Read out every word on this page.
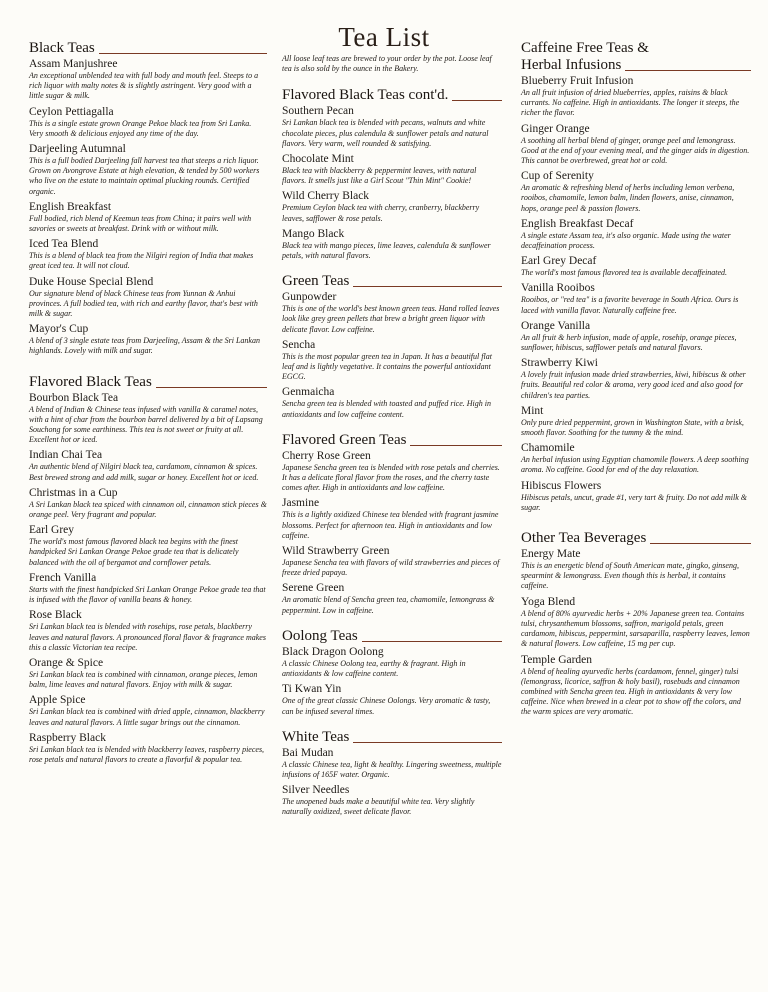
Tea List
Black Teas

Assam Manjushree

An exceptional unblended tea with full body and mouth feel. Steeps to a rich liquor with malty notes & is slightly astringent. Very good with a little sugar & milk.

Ceylon Pettiagalla

This is a single estate grown Orange Pekoe black tea from Sri Lanka. Very smooth & delicious enjoyed any time of the day.

Darjeeling Autumnal

This is a full bodied Darjeeling fall harvest tea that steeps a rich liquor. Grown on Avongrove Estate at high elevation, & tended by 500 workers who live on the estate to maintain optimal plucking rounds. Certified organic.

English Breakfast

Full bodied, rich blend of Keemun teas from China; it pairs well with savories or sweets at breakfast. Drink with or without milk.

Iced Tea Blend

This is a blend of black tea from the Nilgiri region of India that makes great iced tea. It will not cloud.

Duke House Special Blend

Our signature blend of black Chinese teas from Yunnan & Anhui provinces. A full bodied tea, with rich and earthy flavor, that's best with milk & sugar.

Mayor's Cup

A blend of 3 single estate teas from Darjeeling, Assam & the Sri Lankan highlands. Lovely with milk and sugar.

Flavored Black Teas

Bourbon Black Tea

A blend of Indian & Chinese teas infused with vanilla & caramel notes, with a hint of char from the bourbon barrel delivered by a bit of Lapsang Souchong for some earthiness. This tea is not sweet or fruity at all. Excellent hot or iced.

Indian Chai Tea

An authentic blend of Nilgiri black tea, cardamom, cinnamon & spices. Best brewed strong and add milk, sugar or honey. Excellent hot or iced.

Christmas in a Cup

A Sri Lankan black tea spiced with cinnamon oil, cinnamon stick pieces & orange peel. Very fragrant and popular.

Earl Grey

The world's most famous flavored black tea begins with the finest handpicked Sri Lankan Orange Pekoe grade tea that is delicately balanced with the oil of bergamot and cornflower petals.

French Vanilla

Starts with the finest handpicked Sri Lankan Orange Pekoe grade tea that is infused with the flavor of vanilla beans & honey.

Rose Black

Sri Lankan black tea is blended with rosehips, rose petals, blackberry leaves and natural flavors. A pronounced floral flavor & fragrance makes this a classic Victorian tea recipe.

Orange & Spice

Sri Lankan black tea is combined with cinnamon, orange pieces, lemon balm, lime leaves and natural flavors. Enjoy with milk & sugar.

Apple Spice

Sri Lankan black tea is combined with dried apple, cinnamon, blackberry leaves and natural flavors. A little sugar brings out the cinnamon.

Raspberry Black

Sri Lankan black tea is blended with blackberry leaves, raspberry pieces, rose petals and natural flavors to create a flavorful & popular tea.

All loose leaf teas are brewed to your order by the pot. Loose leaf tea is also sold by the ounce in the Bakery.

Flavored Black Teas cont'd.

Southern Pecan

Sri Lankan black tea is blended with pecans, walnuts and white chocolate pieces, plus calendula & sunflower petals and natural flavors. Very warm, well rounded & satisfying.

Chocolate Mint

Black tea with blackberry & peppermint leaves, with natural flavors. It smells just like a Girl Scout "Thin Mint" Cookie!

Wild Cherry Black

Premium Ceylon black tea with cherry, cranberry, blackberry leaves, safflower & rose petals.

Mango Black

Black tea with mango pieces, lime leaves, calendula & sunflower petals, with natural flavors.

Green Teas

Gunpowder

This is one of the world's best known green teas. Hand rolled leaves look like grey green pellets that brew a bright green liquor with delicate flavor. Low caffeine.

Sencha

This is the most popular green tea in Japan. It has a beautiful flat leaf and is lightly vegetative. It contains the powerful antioxidant EGCG.

Genmaicha

Sencha green tea is blended with toasted and puffed rice. High in antioxidants and low caffeine content.

Flavored Green Teas

Cherry Rose Green

Japanese Sencha green tea is blended with rose petals and cherries. It has a delicate floral flavor from the roses, and the cherry taste comes after. High in antioxidants and low caffeine.

Jasmine

This is a lightly oxidized Chinese tea blended with fragrant jasmine blossoms. Perfect for afternoon tea. High in antioxidants and low caffeine.

Wild Strawberry Green

Japanese Sencha tea with flavors of wild strawberries and pieces of freeze dried papaya.

Serene Green

An aromatic blend of Sencha green tea, chamomile, lemongrass & peppermint. Low in caffeine.

Oolong Teas

Black Dragon Oolong

A classic Chinese Oolong tea, earthy & fragrant. High in antioxidants & low caffeine content.

Ti Kwan Yin

One of the great classic Chinese Oolongs. Very aromatic & tasty, can be infused several times.

White Teas

Bai Mudan

A classic Chinese tea, light & healthy. Lingering sweetness, multiple infusions of 165F water. Organic.

Silver Needles

The unopened buds make a beautiful white tea. Very slightly naturally oxidized, sweet delicate flavor.

Caffeine Free Teas &
Herbal Infusions

Blueberry Fruit Infusion

An all fruit infusion of dried blueberries, apples, raisins & black currants. No caffeine. High in antioxidants. The longer it steeps, the richer the flavor.

Ginger Orange

A soothing all herbal blend of ginger, orange peel and lemongrass. Good at the end of your evening meal, and the ginger aids in digestion. This cannot be overbrewed, great hot or cold.

Cup of Serenity

An aromatic & refreshing blend of herbs including lemon verbena, rooibos, chamomile, lemon balm, linden flowers, anise, cinnamon, hops, orange peel & passion flowers.

English Breakfast Decaf

A single estate Assam tea, it's also organic. Made using the water decaffeination process.

Earl Grey Decaf

The world's most famous flavored tea is available decaffeinated.

Vanilla Rooibos

Rooibos, or "red tea" is a favorite beverage in South Africa. Ours is laced with vanilla flavor. Naturally caffeine free.

Orange Vanilla

An all fruit & herb infusion, made of apple, rosehip, orange pieces, sunflower, hibiscus, safflower petals and natural flavors.

Strawberry Kiwi

A lovely fruit infusion made dried strawberries, kiwi, hibiscus & other fruits. Beautiful red color & aroma, very good iced and also good for children's tea parties.

Mint

Only pure dried peppermint, grown in Washington State, with a brisk, smooth flavor. Soothing for the tummy & the mind.

Chamomile

An herbal infusion using Egyptian chamomile flowers. A deep soothing aroma. No caffeine. Good for end of the day relaxation.

Hibiscus Flowers

Hibiscus petals, uncut, grade #1, very tart & fruity. Do not add milk & sugar.

Other Tea Beverages

Energy Mate

This is an energetic blend of South American mate, gingko, ginseng, spearmint & lemongrass. Even though this is herbal, it contains caffeine.

Yoga Blend

A blend of 80% ayurvedic herbs + 20% Japanese green tea. Contains tulsi, chrysanthemum blossoms, saffron, marigold petals, green cardamom, hibiscus, peppermint, sarsaparilla, raspberry leaves, lemon & natural flowers. Low caffeine, 15 mg per cup.

Temple Garden

A blend of healing ayurvedic herbs (cardamom, fennel, ginger) tulsi (lemongrass, licorice, saffron & holy basil), rosebuds and cinnamon combined with Sencha green tea. High in antioxidants & very low caffeine. Nice when brewed in a clear pot to show off the colors, and the warm spices are very aromatic.
